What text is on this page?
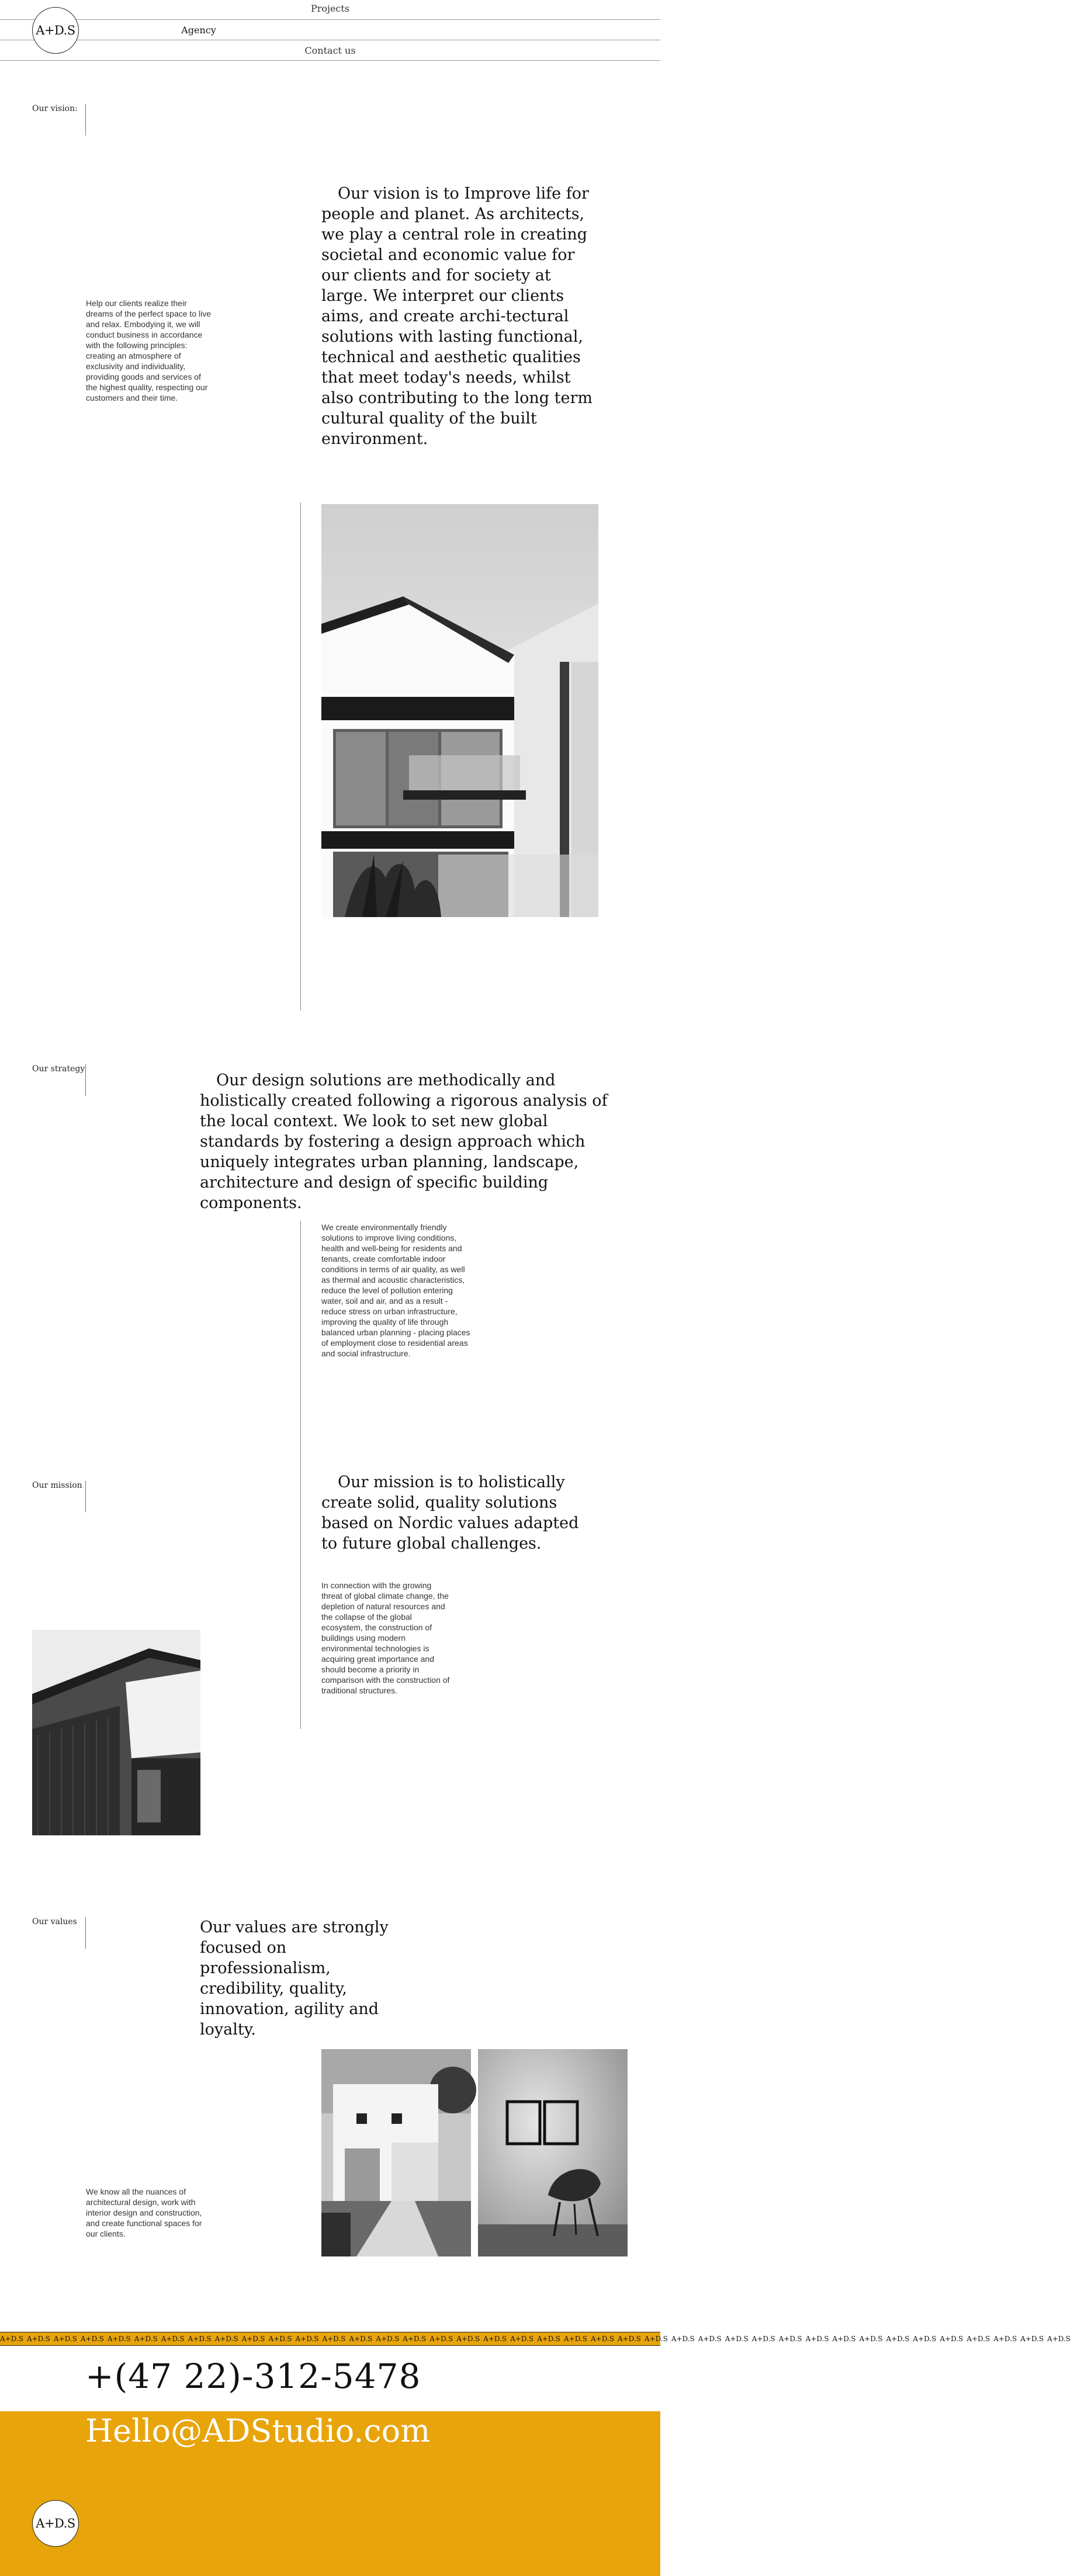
Projects
Agency
Contact us
A+D.S
Our vision:
Our vision is to Improve life for people and planet. As architects, we play a central role in creating societal and economic value for our clients and for society at large. We interpret our clients aims, and create archi-tectural solutions with lasting functional, technical and aesthetic qualities that meet today's needs, whilst also contributing to the long term cultural quality of the built environment.
Help our clients realize their dreams of the perfect space to live and relax. Embodying it, we will conduct business in accordance with the following principles: creating an atmosphere of exclusivity and individuality, providing goods and services of the highest quality, respecting our customers and their time.
Our strategy
Our design solutions are methodically and holistically created following a rigorous analysis of the local context. We look to set new global standards by fostering a design approach which uniquely integrates urban planning, landscape, architecture and design of specific building components.
We create environmentally friendly solutions to improve living conditions, health and well-being for residents and tenants, create comfortable indoor conditions in terms of air quality, as well as thermal and acoustic characteristics, reduce the level of pollution entering water, soil and air, and as a result - reduce stress on urban infrastructure, improving the quality of life through balanced urban planning - placing places of employment close to residential areas and social infrastructure.
Our mission	Our mission is to holistically create solid, quality solutions based on Nordic values adapted to future global challenges.
In connection with the growing threat of global climate change, the depletion of natural resources and the collapse of the global ecosystem, the construction of buildings using modern environmental technologies is acquiring great importance and should become a priority in comparison with the construction of traditional structures.
Our values	Our values are strongly focused on professionalism, credibility, quality, innovation, agility and loyalty.
We know all the nuances of architectural design, work with interior design and construction, and create functional spaces for our clients.
A+D.S A+D.S A+D.S A+D.S A+D.S A+D.S A+D.S A+D.S A+D.S A+D.S A+D.S A+D.S A+D.S A+D.S A+D.S A+D.S A+D.S A+D.S A+D.S A+D.S A+D.S A+D.S A+D.S A+D.S A+D.S A+D.S A+D.S A+D.S A+D.S A+D.S A+D.S A+D.S A+D.S A+D.S A+D.S A+D.S A+D.S A+D.S A+D.S A+D.S
+(47 22)-312-5478
Hello@ADStudio.com
A+D.S
